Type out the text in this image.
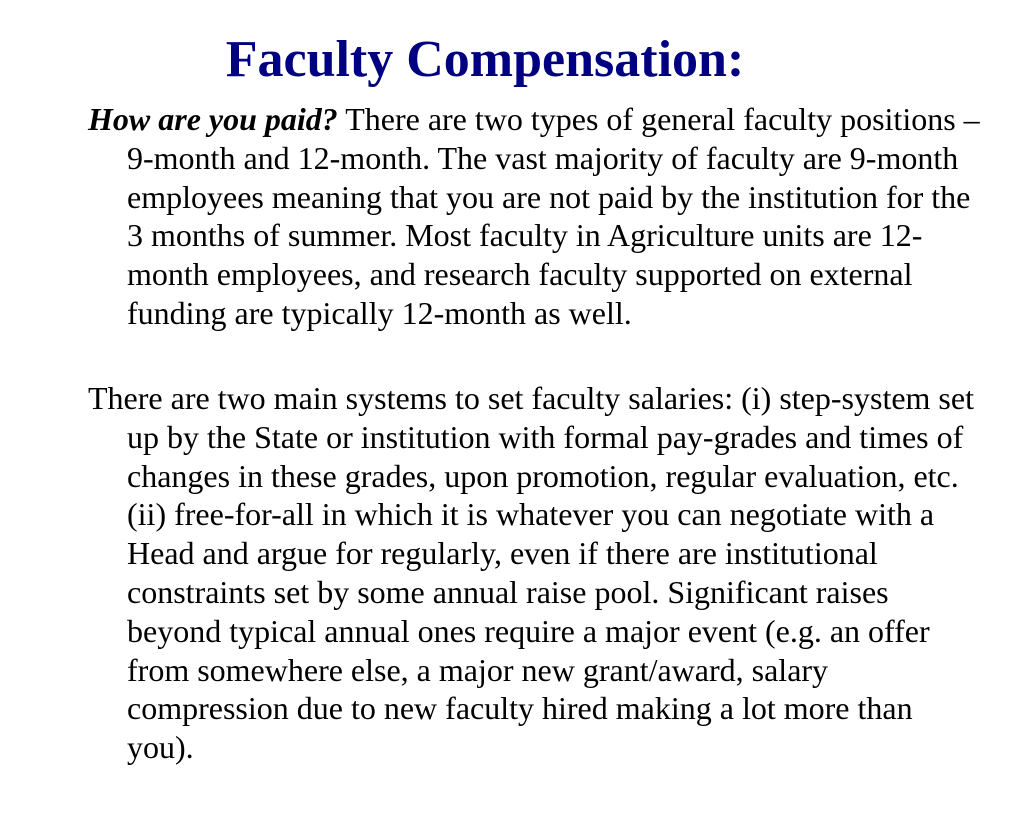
Faculty Compensation:

How are you paid? There are two types of general faculty positions – 9-month and 12-month. The vast majority of faculty are 9-month employees meaning that you are not paid by the institution for the 3 months of summer. Most faculty in Agriculture units are 12-month employees, and research faculty supported on external funding are typically 12-month as well.

There are two main systems to set faculty salaries: (i) step-system set up by the State or institution with formal pay-grades and times of changes in these grades, upon promotion, regular evaluation, etc. (ii) free-for-all in which it is whatever you can negotiate with a Head and argue for regularly, even if there are institutional constraints set by some annual raise pool. Significant raises beyond typical annual ones require a major event (e.g. an offer from somewhere else, a major new grant/award, salary compression due to new faculty hired making a lot more than you).
